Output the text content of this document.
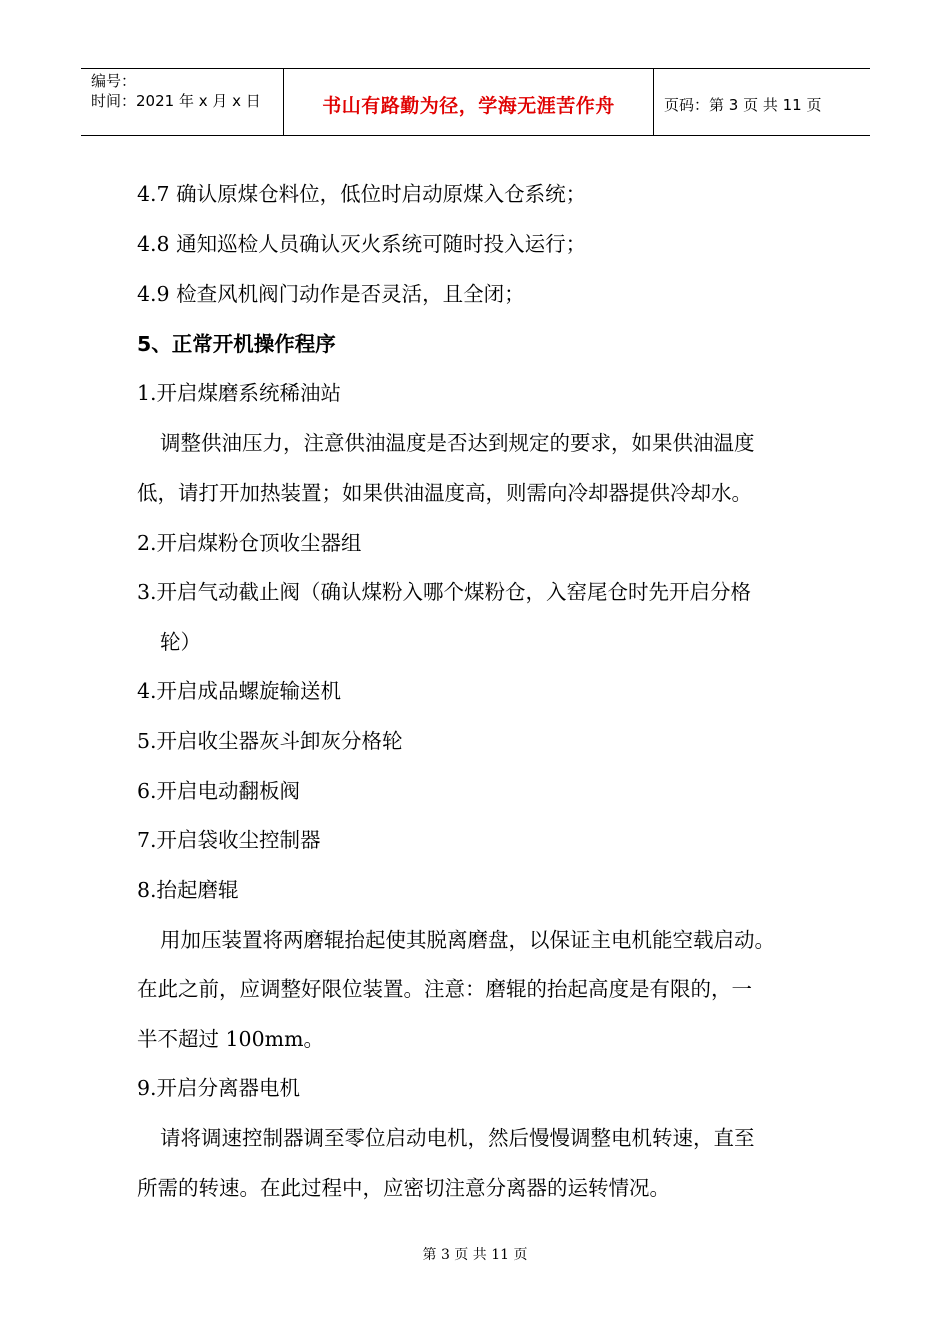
编号：
时间：2021 年 x 月 x 日	书山有路勤为径，学海无涯苦作舟	页码：第 3 页 共 11 页
4.7 确认原煤仓料位，低位时启动原煤入仓系统；
4.8 通知巡检人员确认灭火系统可随时投入运行；
4.9 检查风机阀门动作是否灵活，且全闭；
5、正常开机操作程序
1.开启煤磨系统稀油站
调整供油压力，注意供油温度是否达到规定的要求，如果供油温度
低，请打开加热装置；如果供油温度高，则需向冷却器提供冷却水。
2.开启煤粉仓顶收尘器组
3.开启气动截止阀（确认煤粉入哪个煤粉仓，入窑尾仓时先开启分格
轮）
4.开启成品螺旋输送机
5.开启收尘器灰斗卸灰分格轮
6.开启电动翻板阀
7.开启袋收尘控制器
8.抬起磨辊
用加压装置将两磨辊抬起使其脱离磨盘，以保证主电机能空载启动。
在此之前，应调整好限位装置。注意：磨辊的抬起高度是有限的，一
半不超过 100mm。
9.开启分离器电机
请将调速控制器调至零位启动电机，然后慢慢调整电机转速，直至
所需的转速。在此过程中，应密切注意分离器的运转情况。
第 3 页 共 11 页
